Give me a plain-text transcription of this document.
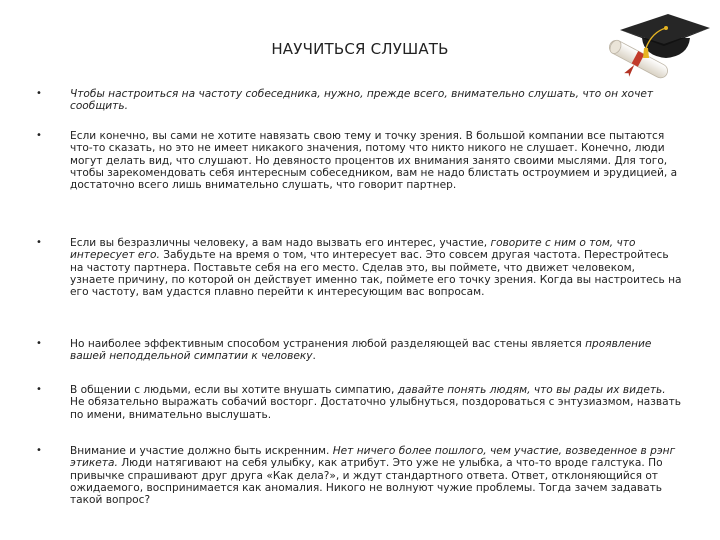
НАУЧИТЬСЯ СЛУШАТЬ
•	Чтобы настроиться на частоту собеседника, нужно, прежде всего, внимательно слушать, что он хочет сообщить.
•	Если конечно, вы сами не хотите навязать свою тему и точку зрения. В большой компании все пытаются что-то сказать, но это не имеет никакого значения, потому что никто никого не слушает. Конечно, люди могут делать вид, что слушают. Но девяносто процентов их внимания занято своими мыслями. Для того, чтобы зарекомендовать себя интересным собеседником, вам не надо блистать остроумием и эрудицией, а достаточно всего лишь внимательно слушать, что говорит партнер.
•	Если вы безразличны человеку, а вам надо вызвать его интерес, участие, говорите с ним о том, что интересует его. Забудьте на время о том, что интересует вас. Это совсем другая частота. Перестройтесь на частоту партнера. Поставьте себя на его место. Сделав это, вы поймете, что движет человеком, узнаете причину, по которой он действует именно так, поймете его точку зрения. Когда вы настроитесь на его частоту, вам удастся плавно перейти к интересующим вас вопросам.
•	Но наиболее эффективным способом устранения любой разделяющей вас стены является проявление вашей неподдельной симпатии к человеку.
•	В общении с людьми, если вы хотите внушать симпатию, давайте понять людям, что вы рады их видеть. Не обязательно выражать собачий восторг. Достаточно улыбнуться, поздороваться с энтузиазмом, назвать по имени, внимательно выслушать.
•	Внимание и участие должно быть искренним. Нет ничего более пошлого, чем участие, возведенное в рэнг этикета. Люди натягивают на себя улыбку, как атрибут. Это уже не улыбка, а что-то вроде галстука. По привычке спрашивают друг друга «Как дела?», и ждут стандартного ответа. Ответ, отклоняющийся от ожидаемого, воспринимается как аномалия. Никого не волнуют чужие проблемы. Тогда зачем задавать такой вопрос?
